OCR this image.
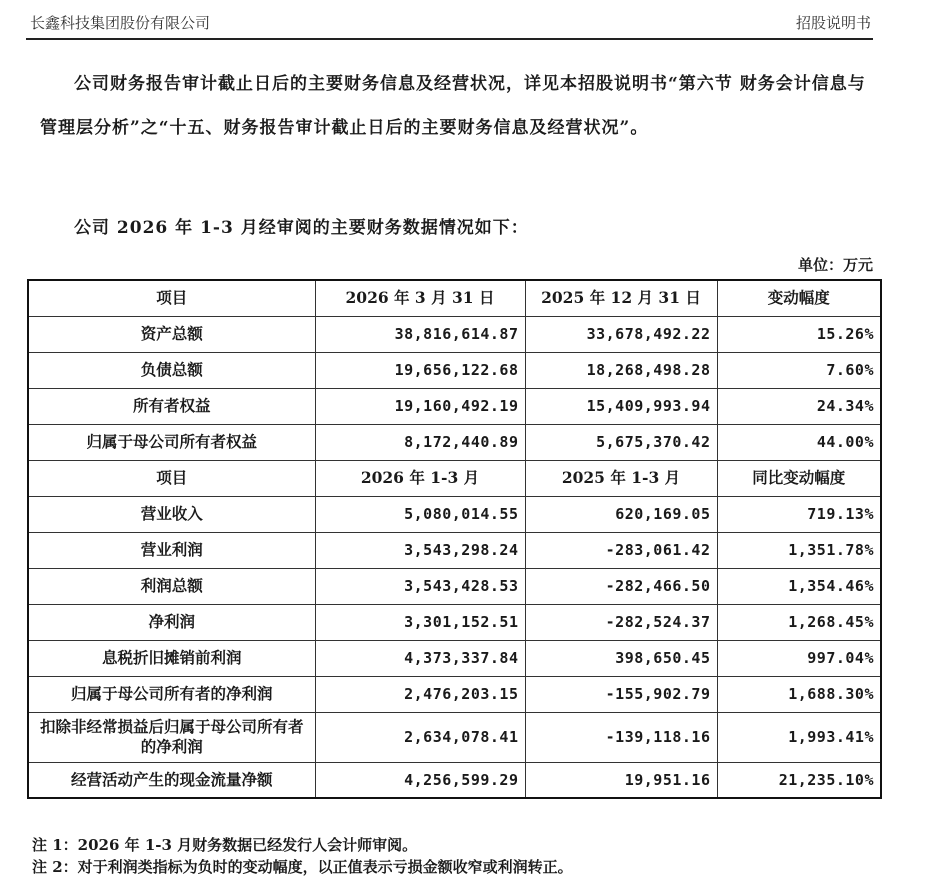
长鑫科技集团股份有限公司	招股说明书
公司财务报告审计截止日后的主要财务信息及经营状况，详见本招股说明书“第六节 财务会计信息与管理层分析”之“十五、财务报告审计截止日后的主要财务信息及经营状况”。
公司 2026 年 1-3 月经审阅的主要财务数据情况如下：
单位：万元
项目	2026 年 3 月 31 日	2025 年 12 月 31 日	变动幅度
资产总额	38,816,614.87	33,678,492.22	15.26%
负债总额	19,656,122.68	18,268,498.28	7.60%
所有者权益	19,160,492.19	15,409,993.94	24.34%
归属于母公司所有者权益	8,172,440.89	5,675,370.42	44.00%
项目	2026 年 1-3 月	2025 年 1-3 月	同比变动幅度
营业收入	5,080,014.55	620,169.05	719.13%
营业利润	3,543,298.24	-283,061.42	1,351.78%
利润总额	3,543,428.53	-282,466.50	1,354.46%
净利润	3,301,152.51	-282,524.37	1,268.45%
息税折旧摊销前利润	4,373,337.84	398,650.45	997.04%
归属于母公司所有者的净利润	2,476,203.15	-155,902.79	1,688.30%
扣除非经常损益后归属于母公司所有者的净利润	2,634,078.41	-139,118.16	1,993.41%
经营活动产生的现金流量净额	4,256,599.29	19,951.16	21,235.10%
注 1：2026 年 1-3 月财务数据已经发行人会计师审阅。
注 2：对于利润类指标为负时的变动幅度，以正值表示亏损金额收窄或利润转正。
